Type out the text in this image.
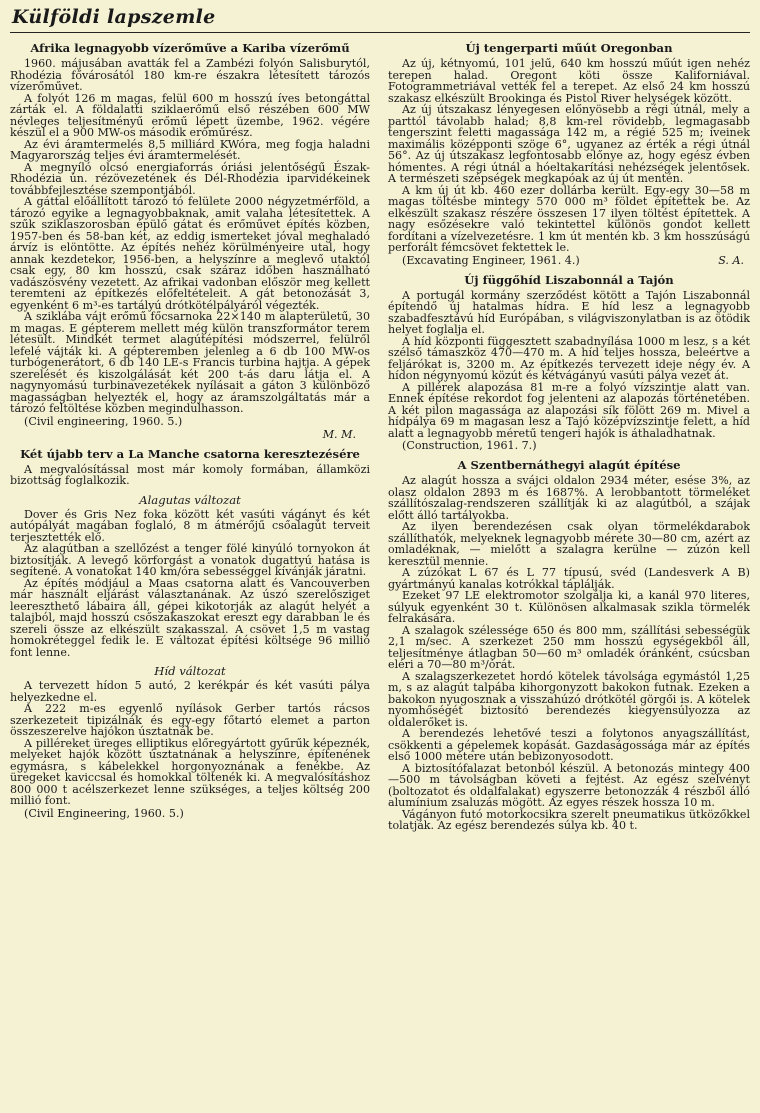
Külföldi lapszemle
Afrika legnagyobb vízerőműve a Kariba vízerőmű

1960. májusában avatták fel a Zambézi folyón Salisburytól, Rhodézia fővárosától 180 km-re északra létesített tározós vízerőművet.

A folyót 126 m magas, felül 600 m hosszú íves betongáttal zárták el. A földalatti sziklaerőmű első részében 600 MW névleges teljesítményű erőmű lépett üzembe, 1962. végére készül el a 900 MW-os második erőműrész.

Az évi áramtermelés 8,5 milliárd KWóra, meg fogja haladni Magyarország teljes évi áramtermelését.

A megnyíló olcsó energiaforrás óriási jelentőségű Észak-Rhodézia ún. rézövezetének és Dél-Rhodézia iparvidékeinek továbbfejlesztése szempontjából.

A gáttal előállított tározó tó felülete 2000 négyzetmérföld, a tározó egyike a legnagyobbaknak, amit valaha létesítettek. A szűk sziklaszorosban épülő gátat és erőművet építés közben, 1957-ben és 58-ban két, az eddig ismerteket jóval meghaladó árvíz is elöntötte. Az építés nehéz körülményeire utal, hogy annak kezdetekor, 1956-ben, a helyszínre a meglevő utaktól csak egy, 80 km hosszú, csak száraz időben használható vadászösvény vezetett. Az afrikai vadonban először meg kellett teremteni az építkezés előfeltételeit. A gát betonozását 3, egyenként 6 m³-es tartályú drótkötélpályáról végezték.

A sziklába vájt erőmű főcsarnoka 22×140 m alapterületű, 30 m magas. E gépterem mellett még külön transzformátor terem létesült. Mindkét termet alagútépítési módszerrel, felülről lefelé vájták ki. A gépteremben jelenleg a 6 db 100 MW-os turbógenerátort, 6 db 140 LE-s Francis turbina hajtja. A gépek szerelését és kiszolgálását két 200 t-ás daru látja el. A nagynyomású turbinavezetékek nyílásait a gáton 3 különböző magasságban helyezték el, hogy az áramszolgáltatás már a tározó feltöltése közben megindulhasson.

(Civil engineering, 1960. 5.)

M. M.
Két újabb terv a La Manche csatorna keresztezésére

A megvalósítással most már komoly formában, államközi bizottság foglalkozik.

Alagutas változat

Dover és Gris Nez foka között két vasúti vágányt és két autópályát magában foglaló, 8 m átmérőjű csőalagút terveit terjesztették elő.

Az alagútban a szellőzést a tenger fölé kinyúló tornyokon át biztosítják. A levegő körforgást a vonatok dugattyú hatása is segítené. A vonatokat 140 km/óra sebességgel kívánják járatni.

Az építés módjául a Maas csatorna alatt és Vancouverben már használt eljárást választanának. Az úszó szerelősziget leereszthető lábaira áll, gépei kikotorják az alagút helyét a talajból, majd hosszú csőszakaszokat ereszt egy darabban le és szereli össze az elkészült szakasszal. A csövet 1,5 m vastag homokréteggel fedik le. E változat építési költsége 96 millió font lenne.

Híd változat

A tervezett hídon 5 autó, 2 kerékpár és két vasúti pálya helyezkedne el.

A 222 m-es egyenlő nyílások Gerber tartós rácsos szerkezeteit tipizálnák és egy-egy főtartó elemet a parton összeszerelve hajókon úsztatnák be.

A pilléreket üreges elliptikus előregyártott gyűrűk képeznék, melyeket hajók között úsztatnának a helyszínre, építenének egymásra, s kábelekkel horgonyoznának a fenékbe. Az üregeket kaviccsal és homokkal töltenék ki. A megvalósításhoz 800 000 t acélszerkezet lenne szükséges, a teljes költség 200 millió font.

(Civil Engineering, 1960. 5.)

Új tengerparti műút Oregonban

Az új, kétnyomú, 101 jelű, 640 km hosszú műút igen nehéz terepen halad. Oregont köti össze Kaliforniával. Fotogrammetriával vették fel a terepet. Az első 24 km hosszú szakasz elkészült Brookinga és Pistol River helységek között.

Az új útszakasz lényegesen előnyösebb a régi útnál, mely a parttól távolabb halad; 8,8 km-rel rövidebb, legmagasabb tengerszint feletti magassága 142 m, a régié 525 m; íveinek maximális középponti szöge 6°, ugyanez az érték a régi útnál 56°. Az új útszakasz legfontosabb előnye az, hogy egész évben hómentes. A régi útnál a hóeltakarítási nehézségek jelentősek. A természeti szépségek megkapóak az új út mentén.

A km új út kb. 460 ezer dollárba került. Egy-egy 30—58 m magas töltésbe mintegy 570 000 m³ földet építettek be. Az elkészült szakasz részére összesen 17 ilyen töltést építettek. A nagy esőzésekre való tekintettel különös gondot kellett fordítani a vízelvezetésre. 1 km út mentén kb. 3 km hosszúságú perforált fémcsövet fektettek le.

(Excavating Engineer, 1961. 4.)	S. A.
Új függőhíd Liszabonnál a Tajón

A portugál kormány szerződést kötött a Tajón Liszabonnál építendő új hatalmas hídra. E híd lesz a legnagyobb szabadfesztávú híd Európában, s világviszonylatban is az ötödik helyet foglalja el.

A híd központi függesztett szabadnyílása 1000 m lesz, s a két szélső támaszköz 470—470 m. A híd teljes hossza, beleértve a feljárókat is, 3200 m. Az építkezés tervezett ideje négy év. A hídon négynyomú közút és kétvágányú vasúti pálya vezet át.

A pillérek alapozása 81 m-re a folyó vízszintje alatt van. Ennek építése rekordot fog jelenteni az alapozás történetében. A két pilon magassága az alapozási sík fölött 269 m. Mivel a hídpálya 69 m magasan lesz a Tajó középvízszintje felett, a híd alatt a legnagyobb méretű tengeri hajók is áthaladhatnak.

(Construction, 1961. 7.)

A Szentbernáthegyi alagút építése

Az alagút hossza a svájci oldalon 2934 méter, esése 3%, az olasz oldalon 2893 m és 1687%. A lerobbantott törmeléket szállítószalag-rendszeren szállítják ki az alagútból, a szájak előtt álló tartályokba.

Az ilyen berendezésen csak olyan törmelékdarabok szállíthatók, melyeknek legnagyobb mérete 30—80 cm, azért az omladéknak, — mielőtt a szalagra kerülne — zúzón kell keresztül mennie.

A zúzókat L 67 és L 77 típusú, svéd (Landesverk A B) gyártmányú kanalas kotrókkal táplálják.

Ezeket 97 LE elektromotor szolgálja ki, a kanál 970 literes, súlyuk egyenként 30 t. Különösen alkalmasak szikla törmelék felrakására.

A szalagok szélessége 650 és 800 mm, szállítási sebességük 2,1 m/sec. A szerkezet 250 mm hosszú egységekből áll, teljesítménye átlagban 50—60 m³ omladék óránként, csúcsban eléri a 70—80 m³/órát.

A szalagszerkezetet hordó kötelek távolsága egymástól 1,25 m, s az alagút talpába kihorgonyzott bakokon futnak. Ezeken a bakokon nyugosznak a visszahúzó drótkötél görgői is. A kötelek nyomhőségét biztosító berendezés kiegyensúlyozza az oldalerőket is.

A berendezés lehetővé teszi a folytonos anyagszállítást, csökkenti a gépelemek kopását. Gazdaságossága már az építés első 1000 métere után bebizonyosodott.

A biztosítófalazat betonból készül. A betonozás mintegy 400—500 m távolságban követi a fejtést. Az egész szelvényt (boltozatot és oldalfalakat) egyszerre betonozzák 4 részből álló alumínium zsaluzás mögött. Az egyes részek hossza 10 m.

Vágányon futó motorkocsikra szerelt pneumatikus ütközőkkel tolatják. Az egész berendezés súlya kb. 40 t.
